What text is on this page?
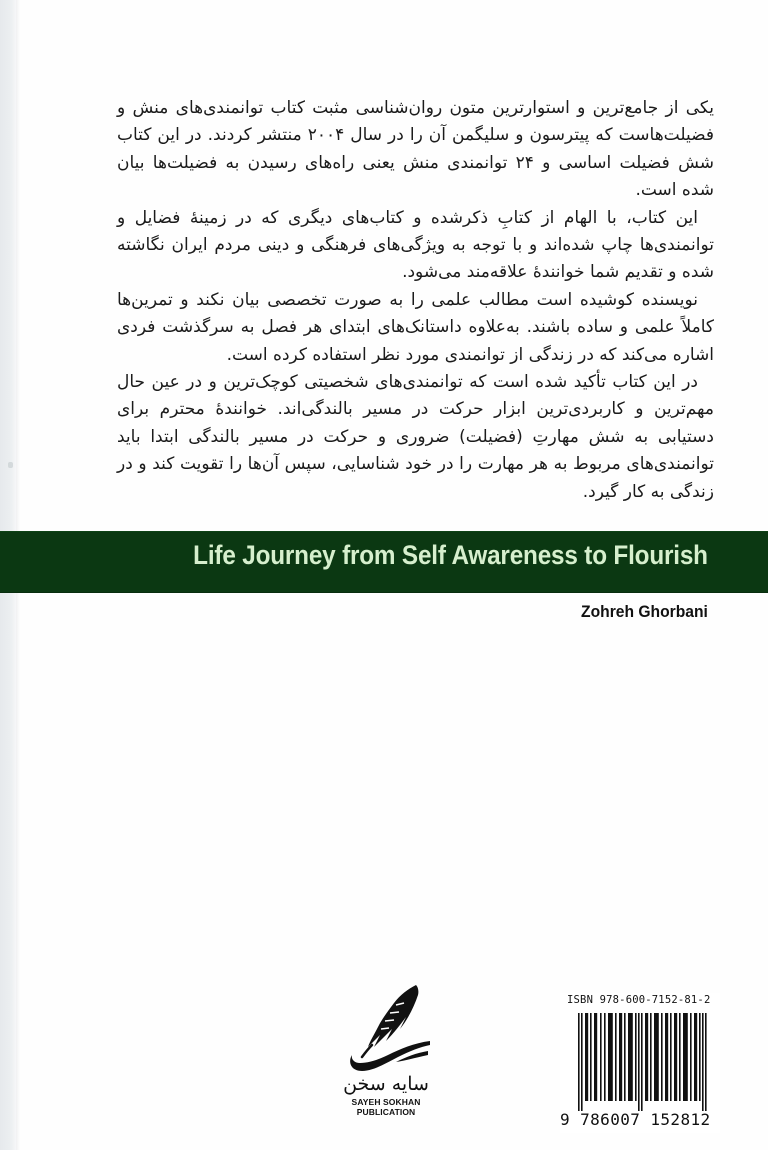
یکی از جامع‌ترین و استوارترین متون روان‌شناسی مثبت کتاب توانمندی‌های منش و فضیلت‌هاست که پیترسون و سلیگمن آن را در سال ۲۰۰۴ منتشر کردند. در این کتاب شش فضیلت اساسی و ۲۴ توانمندی منش یعنی راه‌های رسیدن به فضیلت‌ها بیان شده است.

این کتاب، با الهام از کتابِ ذکرشده و کتاب‌های دیگری که در زمینهٔ فضایل و توانمندی‌ها چاپ شده‌اند و با توجه به ویژگی‌های فرهنگی و دینی مردم ایران نگاشته شده و تقدیم شما خوانندهٔ علاقه‌مند می‌شود.

نویسنده کوشیده است مطالب علمی را به صورت تخصصی بیان نکند و تمرین‌ها کاملاً علمی و ساده باشند. به‌علاوه داستانک‌های ابتدای هر فصل به سرگذشت فردی اشاره می‌کند که در زندگی از توانمندی مورد نظر استفاده کرده است.

در این کتاب تأکید شده است که توانمندی‌های شخصیتی کوچک‌ترین و در عین حال مهم‌ترین و کاربردی‌ترین ابزار حرکت در مسیر بالندگی‌اند. خوانندهٔ محترم برای دستیابی به شش مهارتِ (فضیلت) ضروری و حرکت در مسیر بالندگی ابتدا باید توانمندی‌های مربوط به هر مهارت را در خود شناسایی، سپس آن‌ها را تقویت کند و در زندگی به کار گیرد.

Life Journey from Self Awareness to Flourish
Zohreh Ghorbani
سایه سخن
SAYEH SOKHAN
PUBLICATION
ISBN 978-600-7152-81-2
9 786007 152812
